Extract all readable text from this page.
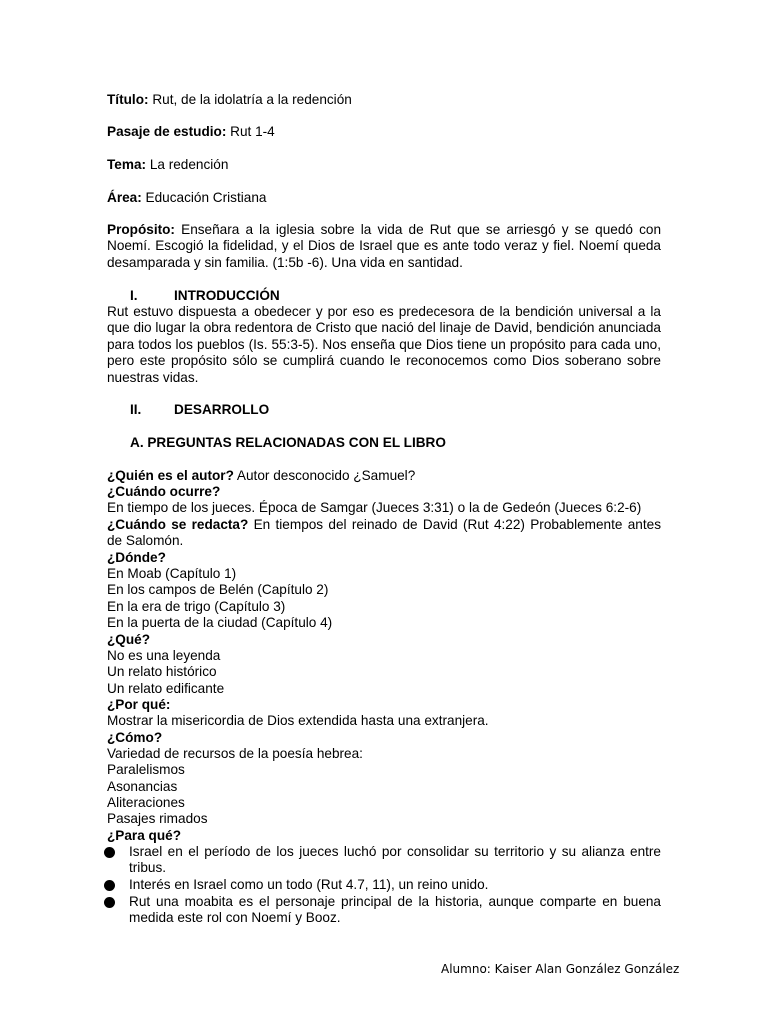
Título: Rut, de la idolatría a la redención
Pasaje de estudio: Rut 1-4
Tema: La redención
Área: Educación Cristiana
Propósito: Enseñara a la iglesia sobre la vida de Rut que se arriesgó y se quedó con Noemí. Escogió la fidelidad, y el Dios de Israel que es ante todo veraz y fiel. Noemí queda desamparada y sin familia. (1:5b -6). Una vida en santidad.
I.	INTRODUCCIÓN
Rut estuvo dispuesta a obedecer y por eso es predecesora de la bendición universal a la que dio lugar la obra redentora de Cristo que nació del linaje de David, bendición anunciada para todos los pueblos (Is. 55:3-5). Nos enseña que Dios tiene un propósito para cada uno, pero este propósito sólo se cumplirá cuando le reconocemos como Dios soberano sobre nuestras vidas.
II. DESARROLLO
A. PREGUNTAS RELACIONADAS CON EL LIBRO
¿Quién es el autor? Autor desconocido ¿Samuel?
¿Cuándo ocurre?
En tiempo de los jueces. Época de Samgar (Jueces 3:31) o la de Gedeón (Jueces 6:2-6)
¿Cuándo se redacta? En tiempos del reinado de David (Rut 4:22) Probablemente antes de Salomón.
¿Dónde?
En Moab (Capítulo 1)
En los campos de Belén (Capítulo 2)
En la era de trigo (Capítulo 3)
En la puerta de la ciudad (Capítulo 4)
¿Qué?
No es una leyenda
Un relato histórico
Un relato edificante
¿Por qué:
Mostrar la misericordia de Dios extendida hasta una extranjera.
¿Cómo?
Variedad de recursos de la poesía hebrea:
Paralelismos
Asonancias
Aliteraciones
Pasajes rimados
¿Para qué?
Israel en el período de los jueces luchó por consolidar su territorio y su alianza entre tribus.
Interés en Israel como un todo (Rut 4.7, 11), un reino unido.
Rut una moabita es el personaje principal de la historia, aunque comparte en buena medida este rol con Noemí y Booz.
Alumno: Kaiser Alan González González
